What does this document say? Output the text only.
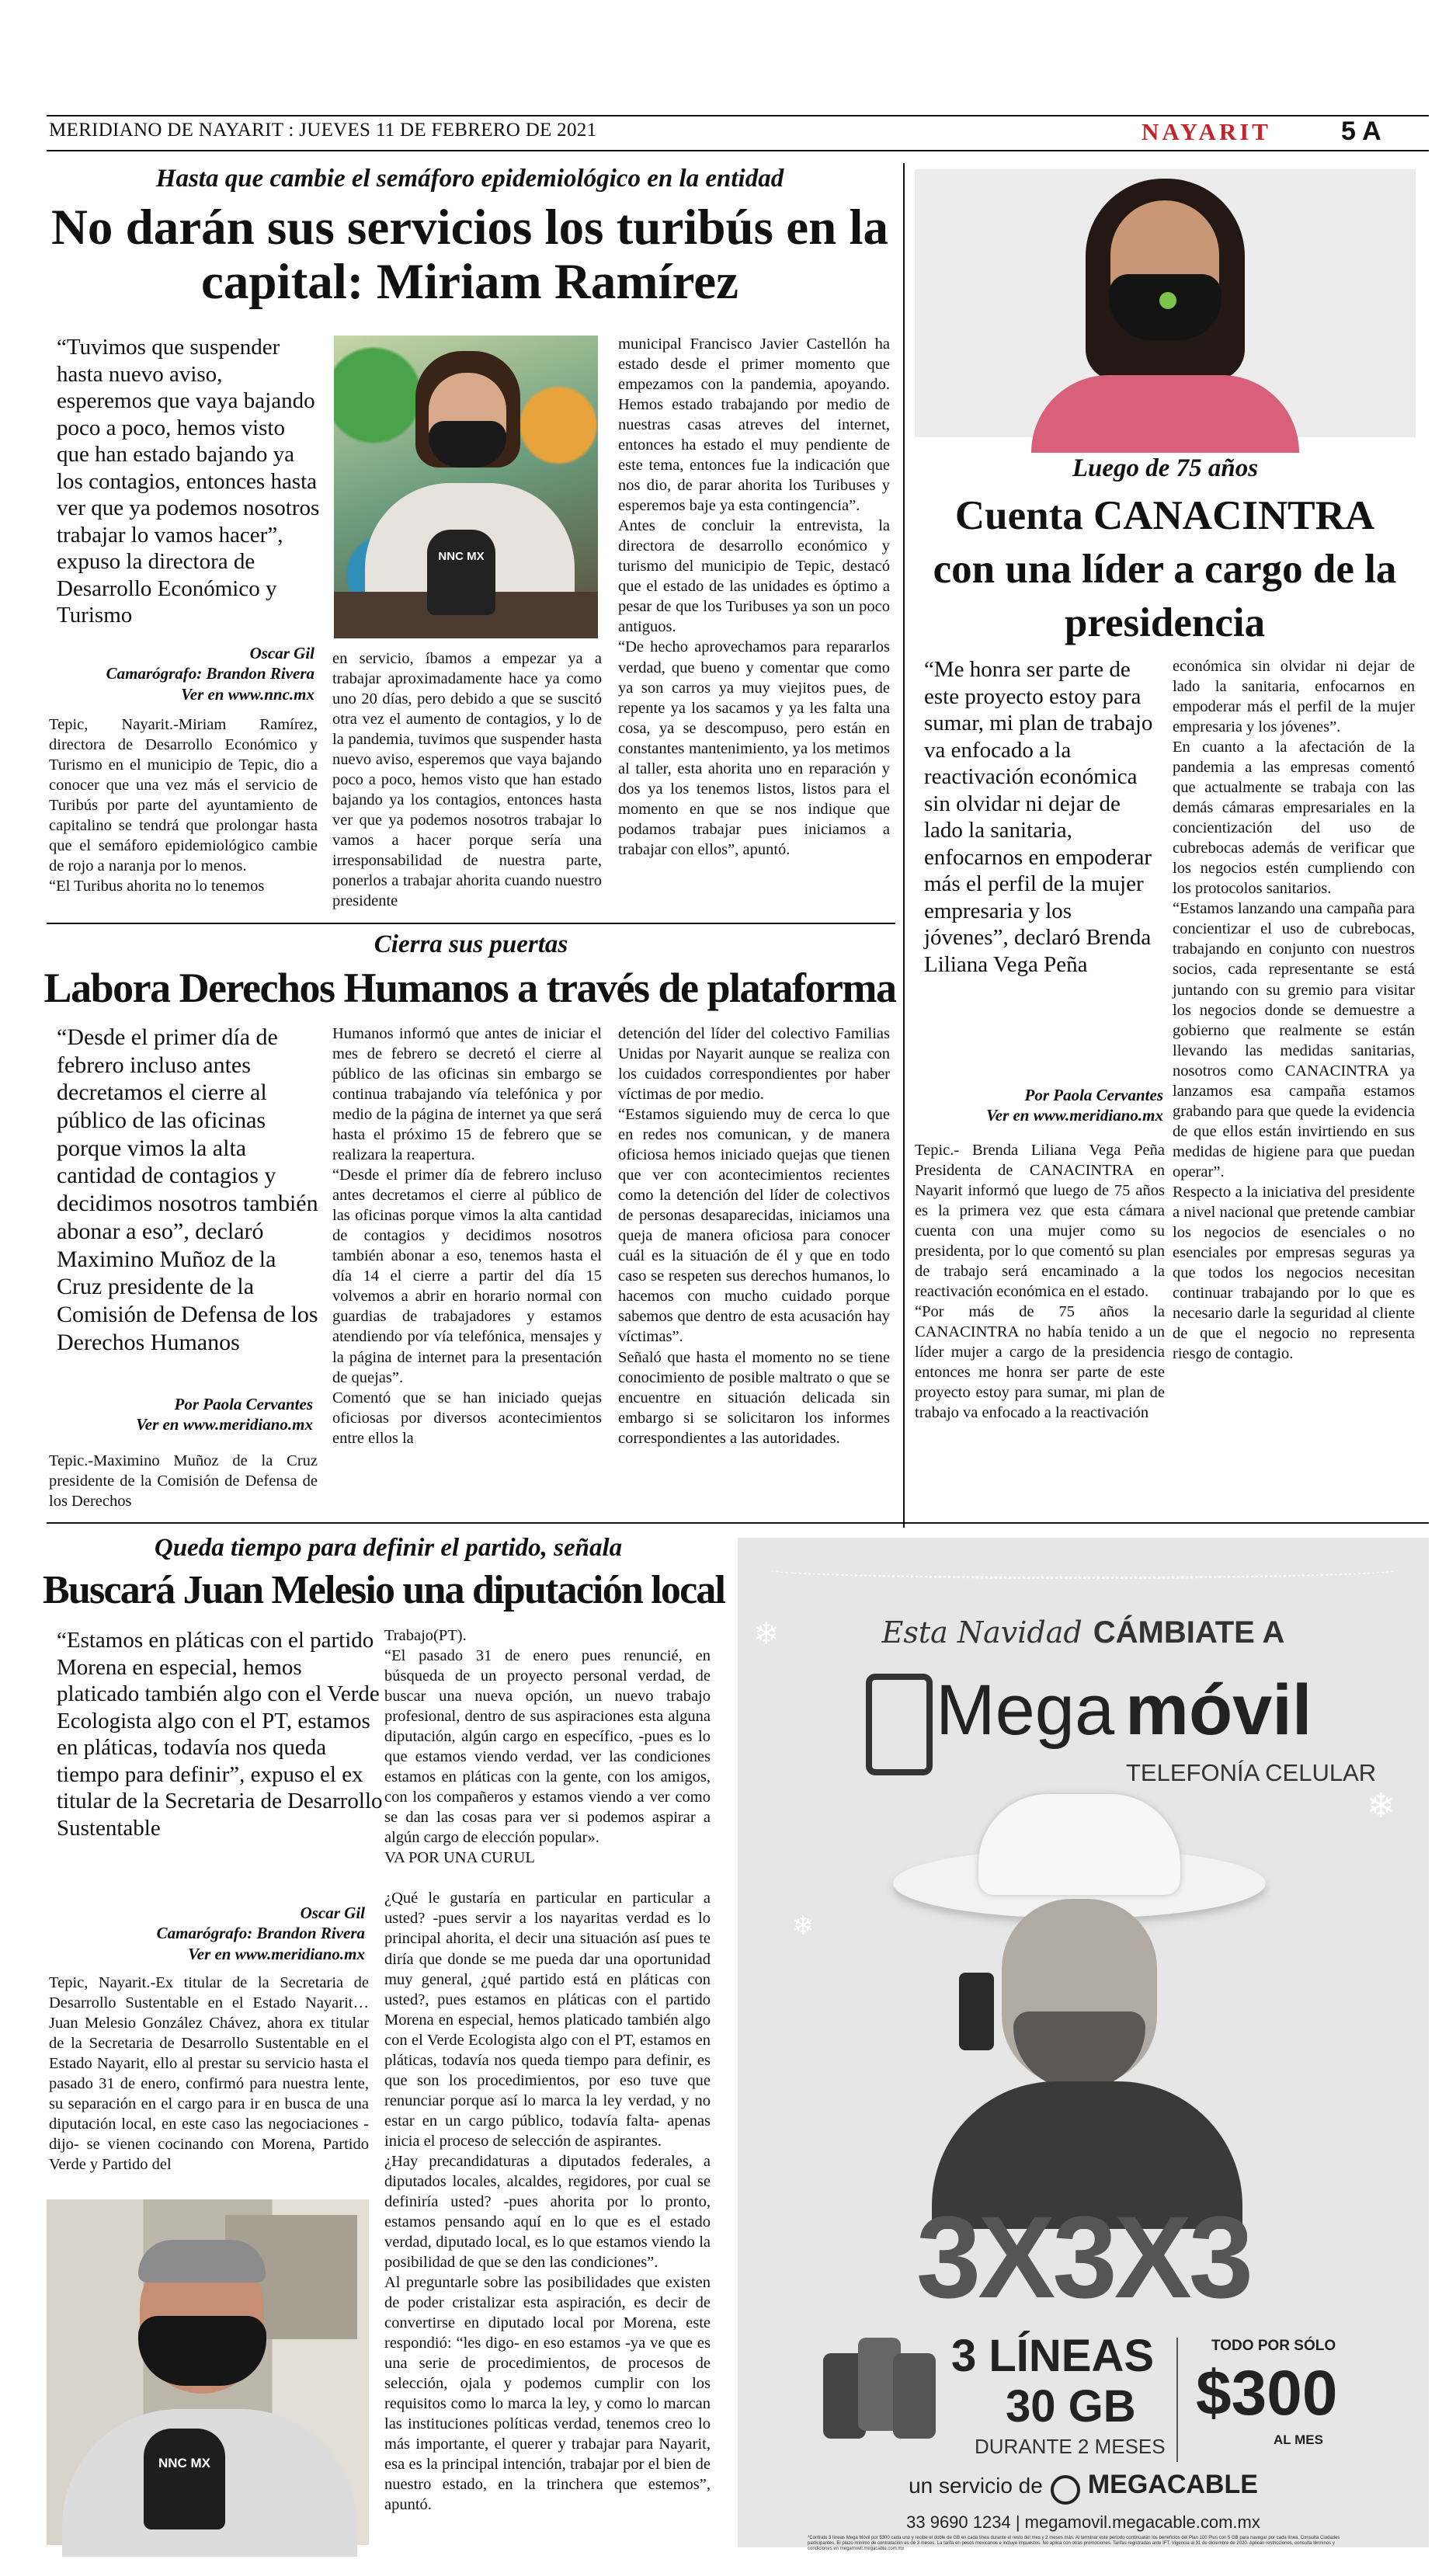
MERIDIANO DE NAYARIT : JUEVES 11 DE FEBRERO DE 2021	NAYARIT	5 A
Hasta que cambie el semáforo epidemiológico en la entidad
No darán sus servicios los turibús en la capital: Miriam Ramírez
“Tuvimos que suspender hasta nuevo aviso, esperemos que vaya bajando poco a poco, hemos visto que han estado bajando ya los contagios, entonces hasta ver que ya podemos nosotros trabajar lo vamos hacer”, expuso la directora de Desarrollo Económico y Turismo
NNC MX
Oscar Gil
Camarógrafo: Brandon Rivera
Ver en www.nnc.mx
Tepic, Nayarit.-Miriam Ramírez, directora de Desarrollo Económico y Turismo en el municipio de Tepic, dio a conocer que una vez más el servicio de Turibús por parte del ayuntamiento de capitalino se tendrá que prolongar hasta que el semáforo epidemiológico cambie de rojo a naranja por lo menos.
“El Turibus ahorita no lo tenemos
en servicio, íbamos a empezar ya a trabajar aproximadamente hace ya como uno 20 días, pero debido a que se suscitó otra vez el aumento de contagios, y lo de la pandemia, tuvimos que suspender hasta nuevo aviso, esperemos que vaya bajando poco a poco, hemos visto que han estado bajando ya los contagios, entonces hasta ver que ya podemos nosotros trabajar lo vamos a hacer porque sería una irresponsabilidad de nuestra parte, ponerlos a trabajar ahorita cuando nuestro presidente
municipal Francisco Javier Castellón ha estado desde el primer momento que empezamos con la pandemia, apoyando. Hemos estado trabajando por medio de nuestras casas atreves del internet, entonces ha estado el muy pendiente de este tema, entonces fue la indicación que nos dio, de parar ahorita los Turibuses y esperemos baje ya esta contingencia”.
Antes de concluir la entrevista, la directora de desarrollo económico y turismo del municipio de Tepic, destacó que el estado de las unidades es óptimo a pesar de que los Turibuses ya son un poco antiguos.
“De hecho aprovechamos para repararlos verdad, que bueno y comentar que como ya son carros ya muy viejitos pues, de repente ya los sacamos y ya les falta una cosa, ya se descompuso, pero están en constantes mantenimiento, ya los metimos al taller, esta ahorita uno en reparación y dos ya los tenemos listos, listos para el momento en que se nos indique que podamos trabajar pues iniciamos a trabajar con ellos”, apuntó.
Luego de 75 años
Cuenta CANACINTRA con una líder a cargo de la presidencia
“Me honra ser parte de este proyecto estoy para sumar, mi plan de trabajo va enfocado a la reactivación económica sin olvidar ni dejar de lado la sanitaria, enfocarnos en empoderar más el perfil de la mujer empresaria y los jóvenes”, declaró Brenda Liliana Vega Peña
Por Paola Cervantes
Ver en www.meridiano.mx
Tepic.- Brenda Liliana Vega Peña Presidenta de CANACINTRA en Nayarit informó que luego de 75 años es la primera vez que esta cámara cuenta con una mujer como su presidenta, por lo que comentó su plan de trabajo será encaminado a la reactivación económica en el estado.
“Por más de 75 años la CANACINTRA no había tenido a un líder mujer a cargo de la presidencia entonces me honra ser parte de este proyecto estoy para sumar, mi plan de trabajo va enfocado a la reactivación
económica sin olvidar ni dejar de lado la sanitaria, enfocarnos en empoderar más el perfil de la mujer empresaria y los jóvenes”.
En cuanto a la afectación de la pandemia a las empresas comentó que actualmente se trabaja con las demás cámaras empresariales en la concientización del uso de cubrebocas además de verificar que los negocios estén cumpliendo con los protocolos sanitarios.
“Estamos lanzando una campaña para concientizar el uso de cubrebocas, trabajando en conjunto con nuestros socios, cada representante se está juntando con su gremio para visitar los negocios donde se demuestre a gobierno que realmente se están llevando las medidas sanitarias, nosotros como CANACINTRA ya lanzamos esa campaña estamos grabando para que quede la evidencia de que ellos están invirtiendo en sus medidas de higiene para que puedan operar”.
Respecto a la iniciativa del presidente a nivel nacional que pretende cambiar los negocios de esenciales o no esenciales por empresas seguras ya que todos los negocios necesitan continuar trabajando por lo que es necesario darle la seguridad al cliente de que el negocio no representa riesgo de contagio.
Cierra sus puertas
Labora Derechos Humanos a través de plataforma
“Desde el primer día de febrero incluso antes decretamos el cierre al público de las oficinas porque vimos la alta cantidad de contagios y decidimos nosotros también abonar a eso”, declaró Maximino Muñoz de la Cruz presidente de la Comisión de Defensa de los Derechos Humanos
Por Paola Cervantes
Ver en www.meridiano.mx
Tepic.-Maximino Muñoz de la Cruz presidente de la Comisión de Defensa de los Derechos
Humanos informó que antes de iniciar el mes de febrero se decretó el cierre al público de las oficinas sin embargo se continua trabajando vía telefónica y por medio de la página de internet ya que será hasta el próximo 15 de febrero que se realizara la reapertura.
“Desde el primer día de febrero incluso antes decretamos el cierre al público de las oficinas porque vimos la alta cantidad de contagios y decidimos nosotros también abonar a eso, tenemos hasta el día 14 el cierre a partir del día 15 volvemos a abrir en horario normal con guardias de trabajadores y estamos atendiendo por vía telefónica, mensajes y la página de internet para la presentación de quejas”.
Comentó que se han iniciado quejas oficiosas por diversos acontecimientos entre ellos la
detención del líder del colectivo Familias Unidas por Nayarit aunque se realiza con los cuidados correspondientes por haber víctimas de por medio.
“Estamos siguiendo muy de cerca lo que en redes nos comunican, y de manera oficiosa hemos iniciado quejas que tienen que ver con acontecimientos recientes como la detención del líder de colectivos de personas desaparecidas, iniciamos una queja de manera oficiosa para conocer cuál es la situación de él y que en todo caso se respeten sus derechos humanos, lo hacemos con mucho cuidado porque sabemos que dentro de esta acusación hay víctimas”.
Señaló que hasta el momento no se tiene conocimiento de posible maltrato o que se encuentre en situación delicada sin embargo si se solicitaron los informes correspondientes a las autoridades.
Queda tiempo para definir el partido, señala
Buscará Juan Melesio una diputación local
“Estamos en pláticas con el partido Morena en especial, hemos platicado también algo con el Verde Ecologista algo con el PT, estamos en pláticas, todavía nos queda tiempo para definir”, expuso el ex titular de la Secretaria de Desarrollo Sustentable
Oscar Gil
Camarógrafo: Brandon Rivera
Ver en www.meridiano.mx
Tepic, Nayarit.-Ex titular de la Secretaria de Desarrollo Sustentable en el Estado Nayarit…Juan Melesio González Chávez, ahora ex titular de la Secretaria de Desarrollo Sustentable en el Estado Nayarit, ello al prestar su servicio hasta el pasado 31 de enero, confirmó para nuestra lente, su separación en el cargo para ir en busca de una diputación local, en este caso las negociaciones -dijo- se vienen cocinando con Morena, Partido Verde y Partido del
NNC MX
Trabajo(PT).
“El pasado 31 de enero pues renuncié, en búsqueda de un proyecto personal verdad, de buscar una nueva opción, un nuevo trabajo profesional, dentro de sus aspiraciones esta alguna diputación, algún cargo en específico, -pues es lo que estamos viendo verdad, ver las condiciones estamos en pláticas con la gente, con los amigos, con los compañeros y estamos viendo a ver como se dan las cosas para ver si podemos aspirar a algún cargo de elección popular».
VA POR UNA CURUL

¿Qué le gustaría en particular en particular a usted? -pues servir a los nayaritas verdad es lo principal ahorita, el decir una situación así pues te diría que donde se me pueda dar una oportunidad muy general, ¿qué partido está en pláticas con usted?, pues estamos en pláticas con el partido Morena en especial, hemos platicado también algo con el Verde Ecologista algo con el PT, estamos en pláticas, todavía nos queda tiempo para definir, es que son los procedimientos, por eso tuve que renunciar porque así lo marca la ley verdad, y no estar en un cargo público, todavía falta- apenas inicia el proceso de selección de aspirantes.
¿Hay precandidaturas a diputados federales, a diputados locales, alcaldes, regidores, por cual se definiría usted? -pues ahorita por lo pronto, estamos pensando aquí en lo que es el estado verdad, diputado local, es lo que estamos viendo la posibilidad de que se den las condiciones”.
Al preguntarle sobre las posibilidades que existen de poder cristalizar esta aspiración, es decir de convertirse en diputado local por Morena, este respondió: “les digo- en eso estamos -ya ve que es una serie de procedimientos, de procesos de selección, ojala y podemos cumplir con los requisitos como lo marca la ley, y como lo marcan las instituciones políticas verdad, tenemos creo lo más importante, el querer y trabajar para Nayarit, esa es la principal intención, trabajar por el bien de nuestro estado, en la trinchera que estemos”, apuntó.
❄
❄
❄
Esta Navidad CÁMBIATE A
Mega móvil
TELEFONÍA CELULAR
3X3X3
3 LÍNEAS
30 GB
DURANTE 2 MESES
TODO POR SÓLO
$300
AL MES
un servicio de MEGACABLE
33 9690 1234 | megamovil.megacable.com.mx
*Contrato 3 líneas Mega Móvil por $300 cada uno y recibe el doble de GB en cada línea durante el resto del mes y 2 meses más. Al terminar este periodo continuarán los beneficios del Plan 100 Plus con 5 GB para navegar por cada línea. Consulta Ciudades participantes. El plazo mínimo de contratación es de 3 meses. La tarifa en pesos mexicanos e incluye impuestos. No aplica con otras promociones. Tarifas registradas ante IFT. Vigencia al 31 de diciembre de 2020. Aplican restricciones, consulta términos y condiciones en megamovil.megacable.com.mx
